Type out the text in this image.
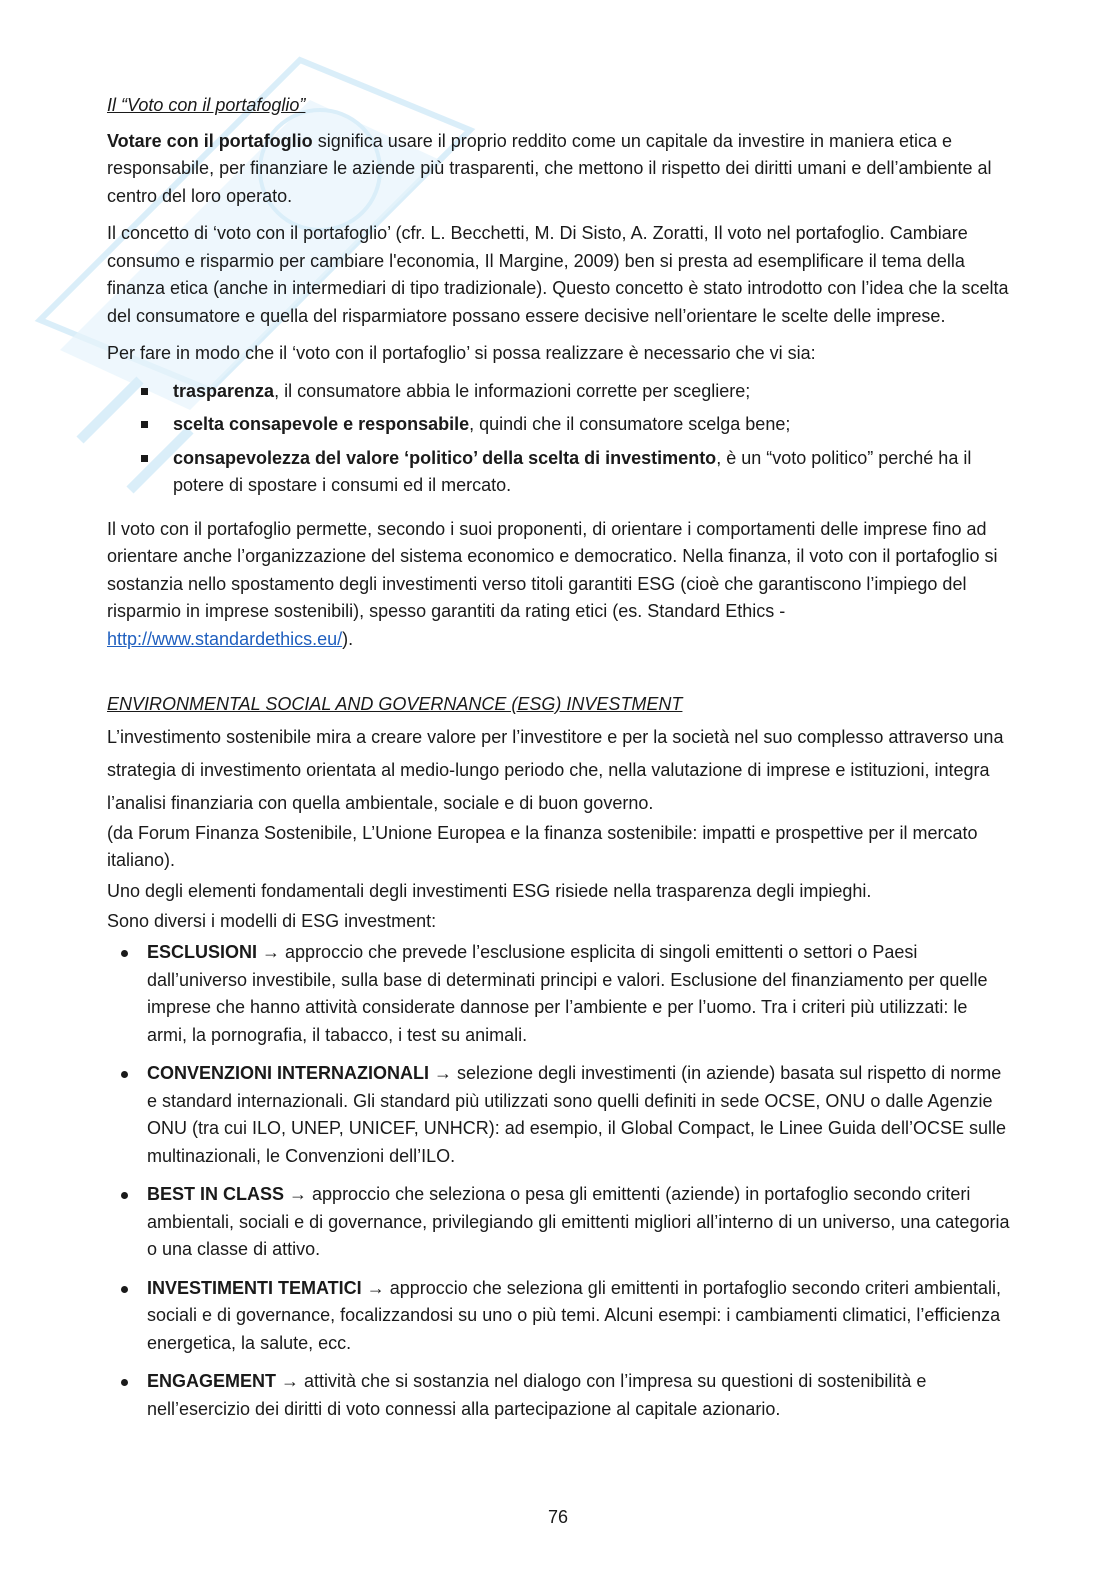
Il “Voto con il portafoglio”

Votare con il portafoglio significa usare il proprio reddito come un capitale da investire in maniera etica e responsabile, per finanziare le aziende più trasparenti, che mettono il rispetto dei diritti umani e dell’ambiente al centro del loro operato.

Il concetto di ‘voto con il portafoglio’ (cfr. L. Becchetti, M. Di Sisto, A. Zoratti, Il voto nel portafoglio. Cambiare consumo e risparmio per cambiare l'economia, Il Margine, 2009) ben si presta ad esemplificare il tema della finanza etica (anche in intermediari di tipo tradizionale). Questo concetto è stato introdotto con l’idea che la scelta del consumatore e quella del risparmiatore possano essere decisive nell’orientare le scelte delle imprese.

Per fare in modo che il ‘voto con il portafoglio’ si possa realizzare è necessario che vi sia:

trasparenza, il consumatore abbia le informazioni corrette per scegliere;
scelta consapevole e responsabile, quindi che il consumatore scelga bene;
consapevolezza del valore ‘politico’ della scelta di investimento, è un “voto politico” perché ha il potere di spostare i consumi ed il mercato.

Il voto con il portafoglio permette, secondo i suoi proponenti, di orientare i comportamenti delle imprese fino ad orientare anche l’organizzazione del sistema economico e democratico. Nella finanza, il voto con il portafoglio si sostanzia nello spostamento degli investimenti verso titoli garantiti ESG (cioè che garantiscono l’impiego del risparmio in imprese sostenibili), spesso garantiti da rating etici (es. Standard Ethics - http://www.standardethics.eu/).

ENVIRONMENTAL SOCIAL AND GOVERNANCE (ESG) INVESTMENT

L’investimento sostenibile mira a creare valore per l’investitore e per la società nel suo complesso attraverso una strategia di investimento orientata al medio-lungo periodo che, nella valutazione di imprese e istituzioni, integra l’analisi finanziaria con quella ambientale, sociale e di buon governo.

(da Forum Finanza Sostenibile, L’Unione Europea e la finanza sostenibile: impatti e prospettive per il mercato italiano).

Uno degli elementi fondamentali degli investimenti ESG risiede nella trasparenza degli impieghi.

Sono diversi i modelli di ESG investment:

ESCLUSIONI → approccio che prevede l’esclusione esplicita di singoli emittenti o settori o Paesi dall’universo investibile, sulla base di determinati principi e valori. Esclusione del finanziamento per quelle imprese che hanno attività considerate dannose per l’ambiente e per l’uomo. Tra i criteri più utilizzati: le armi, la pornografia, il tabacco, i test su animali.
CONVENZIONI INTERNAZIONALI → selezione degli investimenti (in aziende) basata sul rispetto di norme e standard internazionali. Gli standard più utilizzati sono quelli definiti in sede OCSE, ONU o dalle Agenzie ONU (tra cui ILO, UNEP, UNICEF, UNHCR): ad esempio, il Global Compact, le Linee Guida dell’OCSE sulle multinazionali, le Convenzioni dell’ILO.
BEST IN CLASS → approccio che seleziona o pesa gli emittenti (aziende) in portafoglio secondo criteri ambientali, sociali e di governance, privilegiando gli emittenti migliori all’interno di un universo, una categoria o una classe di attivo.
INVESTIMENTI TEMATICI → approccio che seleziona gli emittenti in portafoglio secondo criteri ambientali, sociali e di governance, focalizzandosi su uno o più temi. Alcuni esempi: i cambiamenti climatici, l’efficienza energetica, la salute, ecc.
ENGAGEMENT → attività che si sostanzia nel dialogo con l’impresa su questioni di sostenibilità e nell’esercizio dei diritti di voto connessi alla partecipazione al capitale azionario.
76
